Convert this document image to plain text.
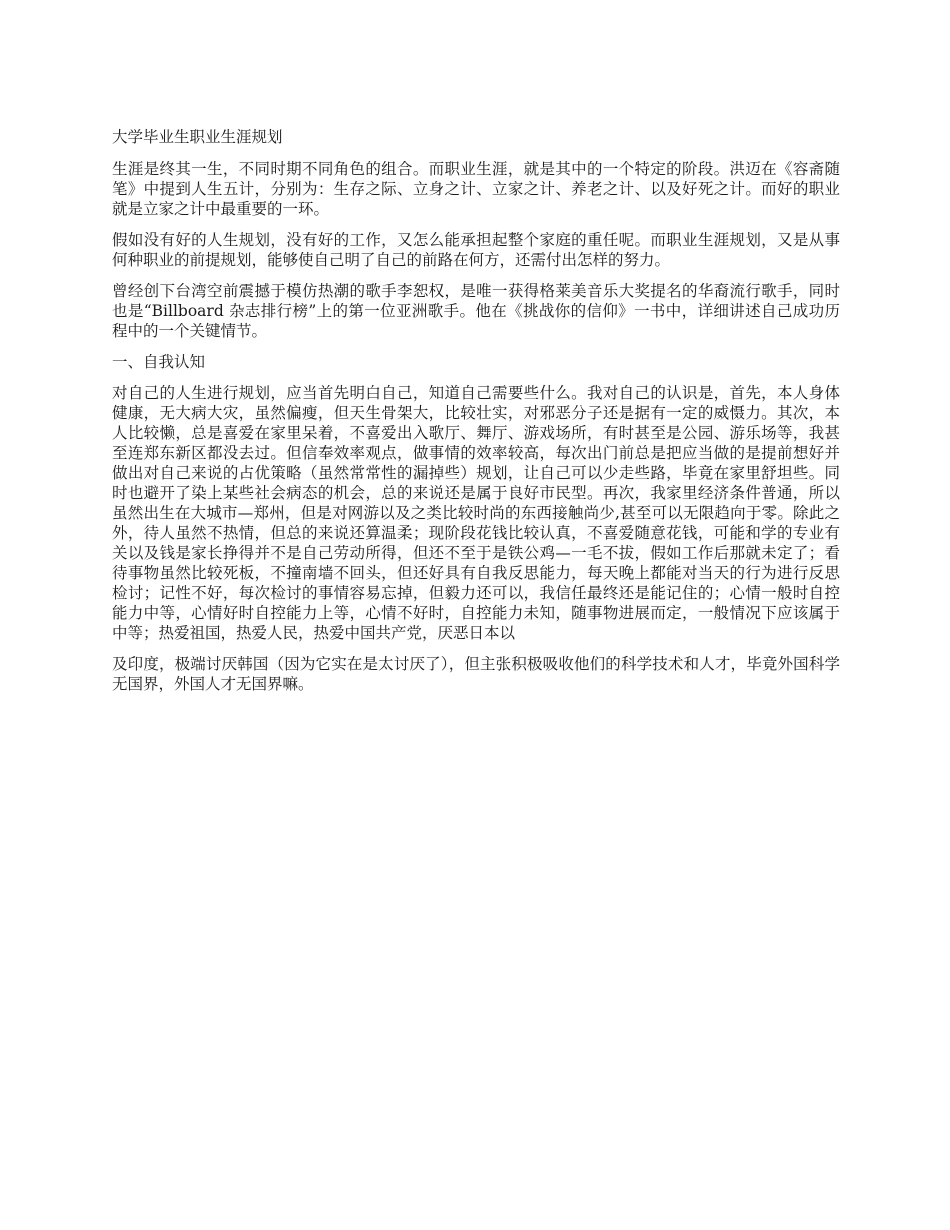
大学毕业生职业生涯规划

生涯是终其一生，不同时期不同角色的组合。而职业生涯，就是其中的一个特定的阶段。洪迈在《容斋随笔》中提到人生五计，分别为：生存之际、立身之计、立家之计、养老之计、以及好死之计。而好的职业就是立家之计中最重要的一环。

假如没有好的人生规划，没有好的工作，又怎么能承担起整个家庭的重任呢。而职业生涯规划，又是从事何种职业的前提规划，能够使自己明了自己的前路在何方，还需付出怎样的努力。

曾经创下台湾空前震撼于模仿热潮的歌手李恕权，是唯一获得格莱美音乐大奖提名的华裔流行歌手，同时也是“Billboard 杂志排行榜”上的第一位亚洲歌手。他在《挑战你的信仰》一书中，详细讲述自己成功历程中的一个关键情节。

一、自我认知

对自己的人生进行规划，应当首先明白自己，知道自己需要些什么。我对自己的认识是，首先，本人身体健康，无大病大灾，虽然偏瘦，但天生骨架大，比较壮实，对邪恶分子还是据有一定的威慑力。其次，本人比较懒，总是喜爱在家里呆着，不喜爱出入歌厅、舞厅、游戏场所，有时甚至是公园、游乐场等，我甚至连郑东新区都没去过。但信奉效率观点，做事情的效率较高，每次出门前总是把应当做的是提前想好并做出对自己来说的占优策略（虽然常常性的漏掉些）规划，让自己可以少走些路，毕竟在家里舒坦些。同时也避开了染上某些社会病态的机会，总的来说还是属于良好市民型。再次，我家里经济条件普通，所以虽然出生在大城市—郑州，但是对网游以及之类比较时尚的东西接触尚少,甚至可以无限趋向于零。除此之外，待人虽然不热情，但总的来说还算温柔；现阶段花钱比较认真，不喜爱随意花钱，可能和学的专业有关以及钱是家长挣得并不是自己劳动所得，但还不至于是铁公鸡—一毛不拔，假如工作后那就未定了；看待事物虽然比较死板，不撞南墙不回头，但还好具有自我反思能力，每天晚上都能对当天的行为进行反思检讨；记性不好，每次检讨的事情容易忘掉，但毅力还可以，我信任最终还是能记住的；心情一般时自控能力中等，心情好时自控能力上等，心情不好时，自控能力未知，随事物进展而定，一般情况下应该属于中等；热爱祖国，热爱人民，热爱中国共产党，厌恶日本以

及印度，极端讨厌韩国（因为它实在是太讨厌了），但主张积极吸收他们的科学技术和人才，毕竟外国科学无国界，外国人才无国界嘛。
